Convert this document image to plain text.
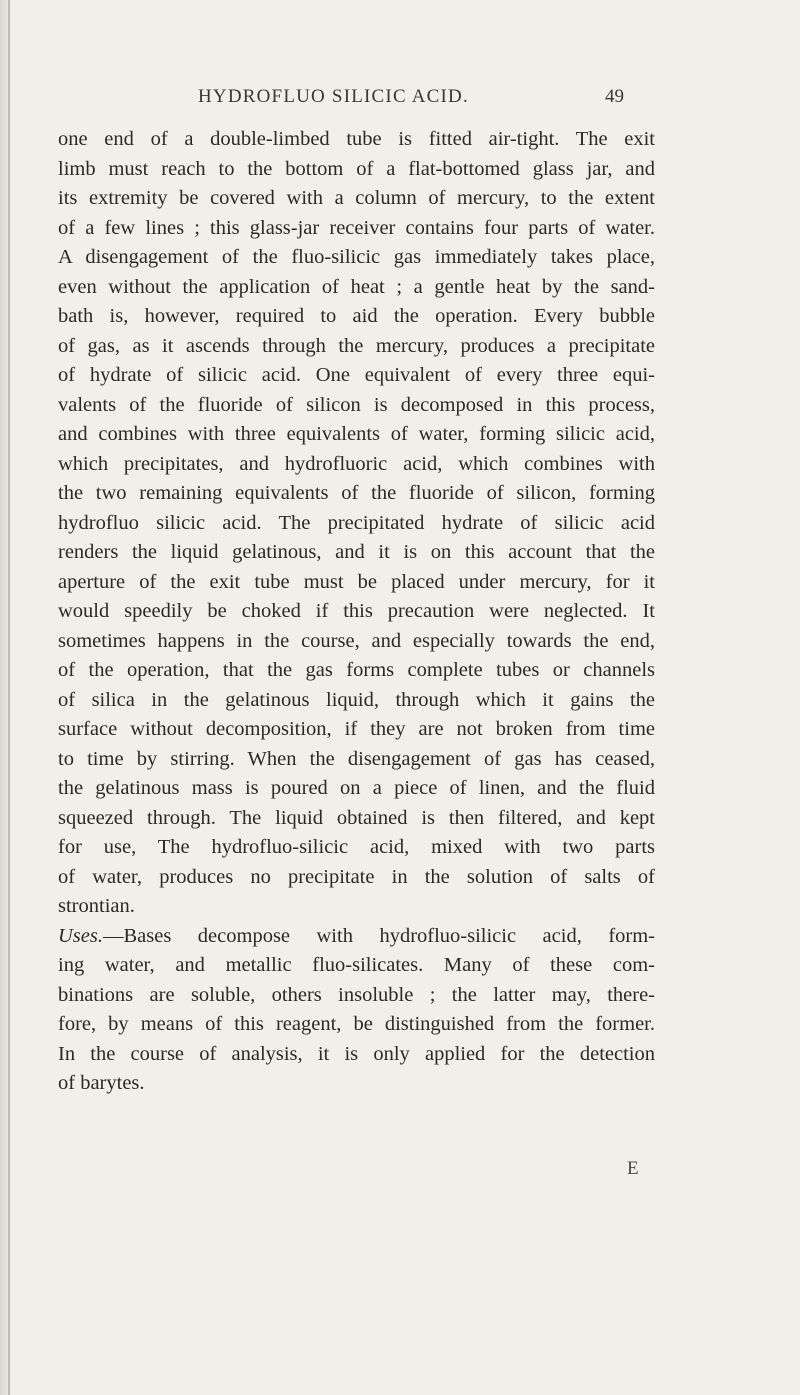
HYDROFLUO SILICIC ACID.	49
one end of a double-limbed tube is fitted air-tight. The exit
limb must reach to the bottom of a flat-bottomed glass jar, and
its extremity be covered with a column of mercury, to the extent
of a few lines ; this glass-jar receiver contains four parts of water.
A disengagement of the fluo-silicic gas immediately takes place,
even without the application of heat ; a gentle heat by the sand-
bath is, however, required to aid the operation. Every bubble
of gas, as it ascends through the mercury, produces a precipitate
of hydrate of silicic acid. One equivalent of every three equi-
valents of the fluoride of silicon is decomposed in this process,
and combines with three equivalents of water, forming silicic acid,
which precipitates, and hydrofluoric acid, which combines with
the two remaining equivalents of the fluoride of silicon, forming
hydrofluo silicic acid. The precipitated hydrate of silicic acid
renders the liquid gelatinous, and it is on this account that the
aperture of the exit tube must be placed under mercury, for it
would speedily be choked if this precaution were neglected. It
sometimes happens in the course, and especially towards the end,
of the operation, that the gas forms complete tubes or channels
of silica in the gelatinous liquid, through which it gains the
surface without decomposition, if they are not broken from time
to time by stirring. When the disengagement of gas has ceased,
the gelatinous mass is poured on a piece of linen, and the fluid
squeezed through. The liquid obtained is then filtered, and kept
for use, The hydrofluo-silicic acid, mixed with two parts
of water, produces no precipitate in the solution of salts of
strontian.
Uses.—Bases decompose with hydrofluo-silicic acid, form-
ing water, and metallic fluo-silicates. Many of these com-
binations are soluble, others insoluble ; the latter may, there-
fore, by means of this reagent, be distinguished from the former.
In the course of analysis, it is only applied for the detection
of barytes.
E
